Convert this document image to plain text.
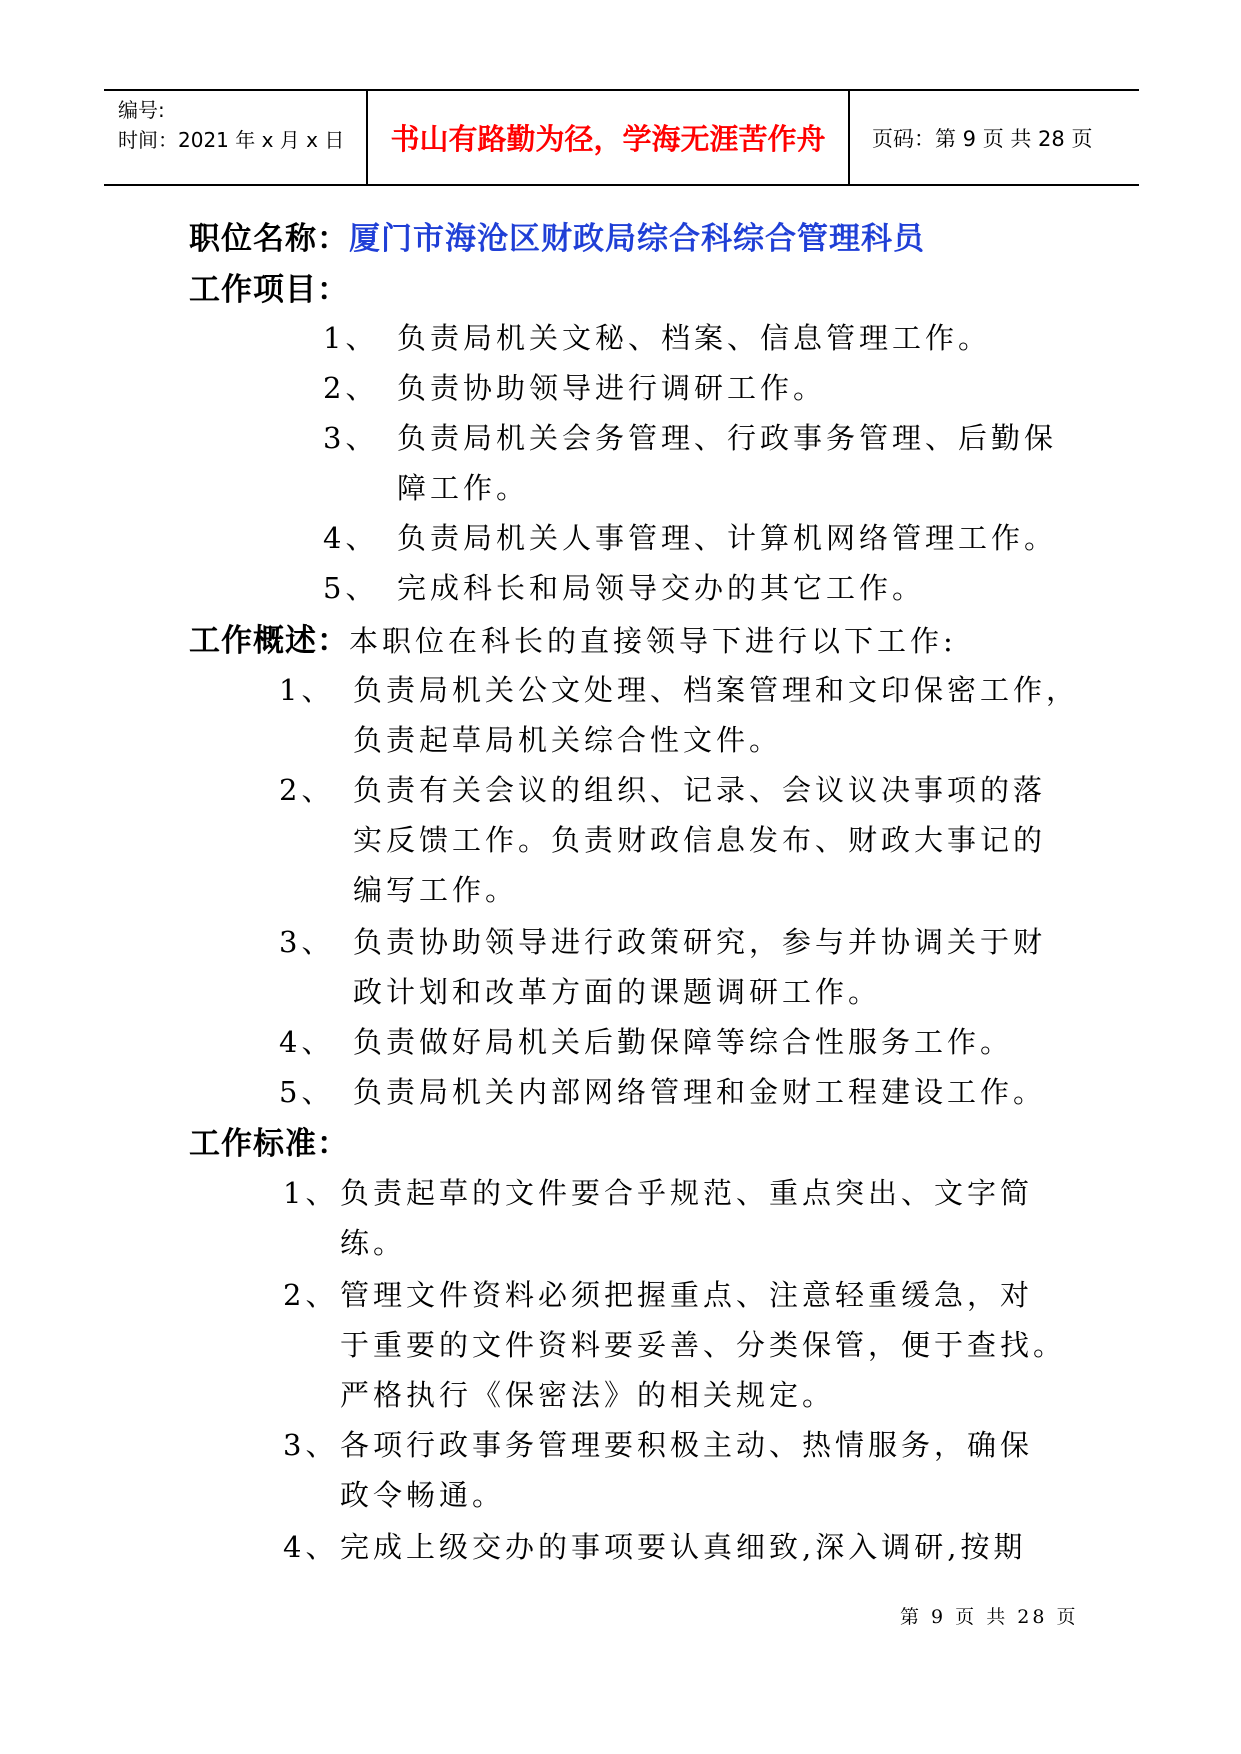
编号:
时间：2021 年 x 月 x 日	书山有路勤为径，学海无涯苦作舟	页码：第 9 页 共 28 页
职位名称：厦门市海沧区财政局综合科综合管理科员
工作项目：
1、 负责局机关文秘、档案、信息管理工作。
2、 负责协助领导进行调研工作。
3、 负责局机关会务管理、行政事务管理、后勤保
障工作。
4、 负责局机关人事管理、计算机网络管理工作。
5、 完成科长和局领导交办的其它工作。
工作概述：本职位在科长的直接领导下进行以下工作:
1、 负责局机关公文处理、档案管理和文印保密工作，
负责起草局机关综合性文件。
2、 负责有关会议的组织、记录、会议议决事项的落
实反馈工作。负责财政信息发布、财政大事记的
编写工作。
3、 负责协助领导进行政策研究，参与并协调关于财
政计划和改革方面的课题调研工作。
4、 负责做好局机关后勤保障等综合性服务工作。
5、 负责局机关内部网络管理和金财工程建设工作。
工作标准：
1、负责起草的文件要合乎规范、重点突出、文字简
练。
2、管理文件资料必须把握重点、注意轻重缓急，对
于重要的文件资料要妥善、分类保管，便于查找。
严格执行《保密法》的相关规定。
3、各项行政事务管理要积极主动、热情服务，确保
政令畅通。
4、完成上级交办的事项要认真细致,深入调研,按期
第 9 页 共 28 页
